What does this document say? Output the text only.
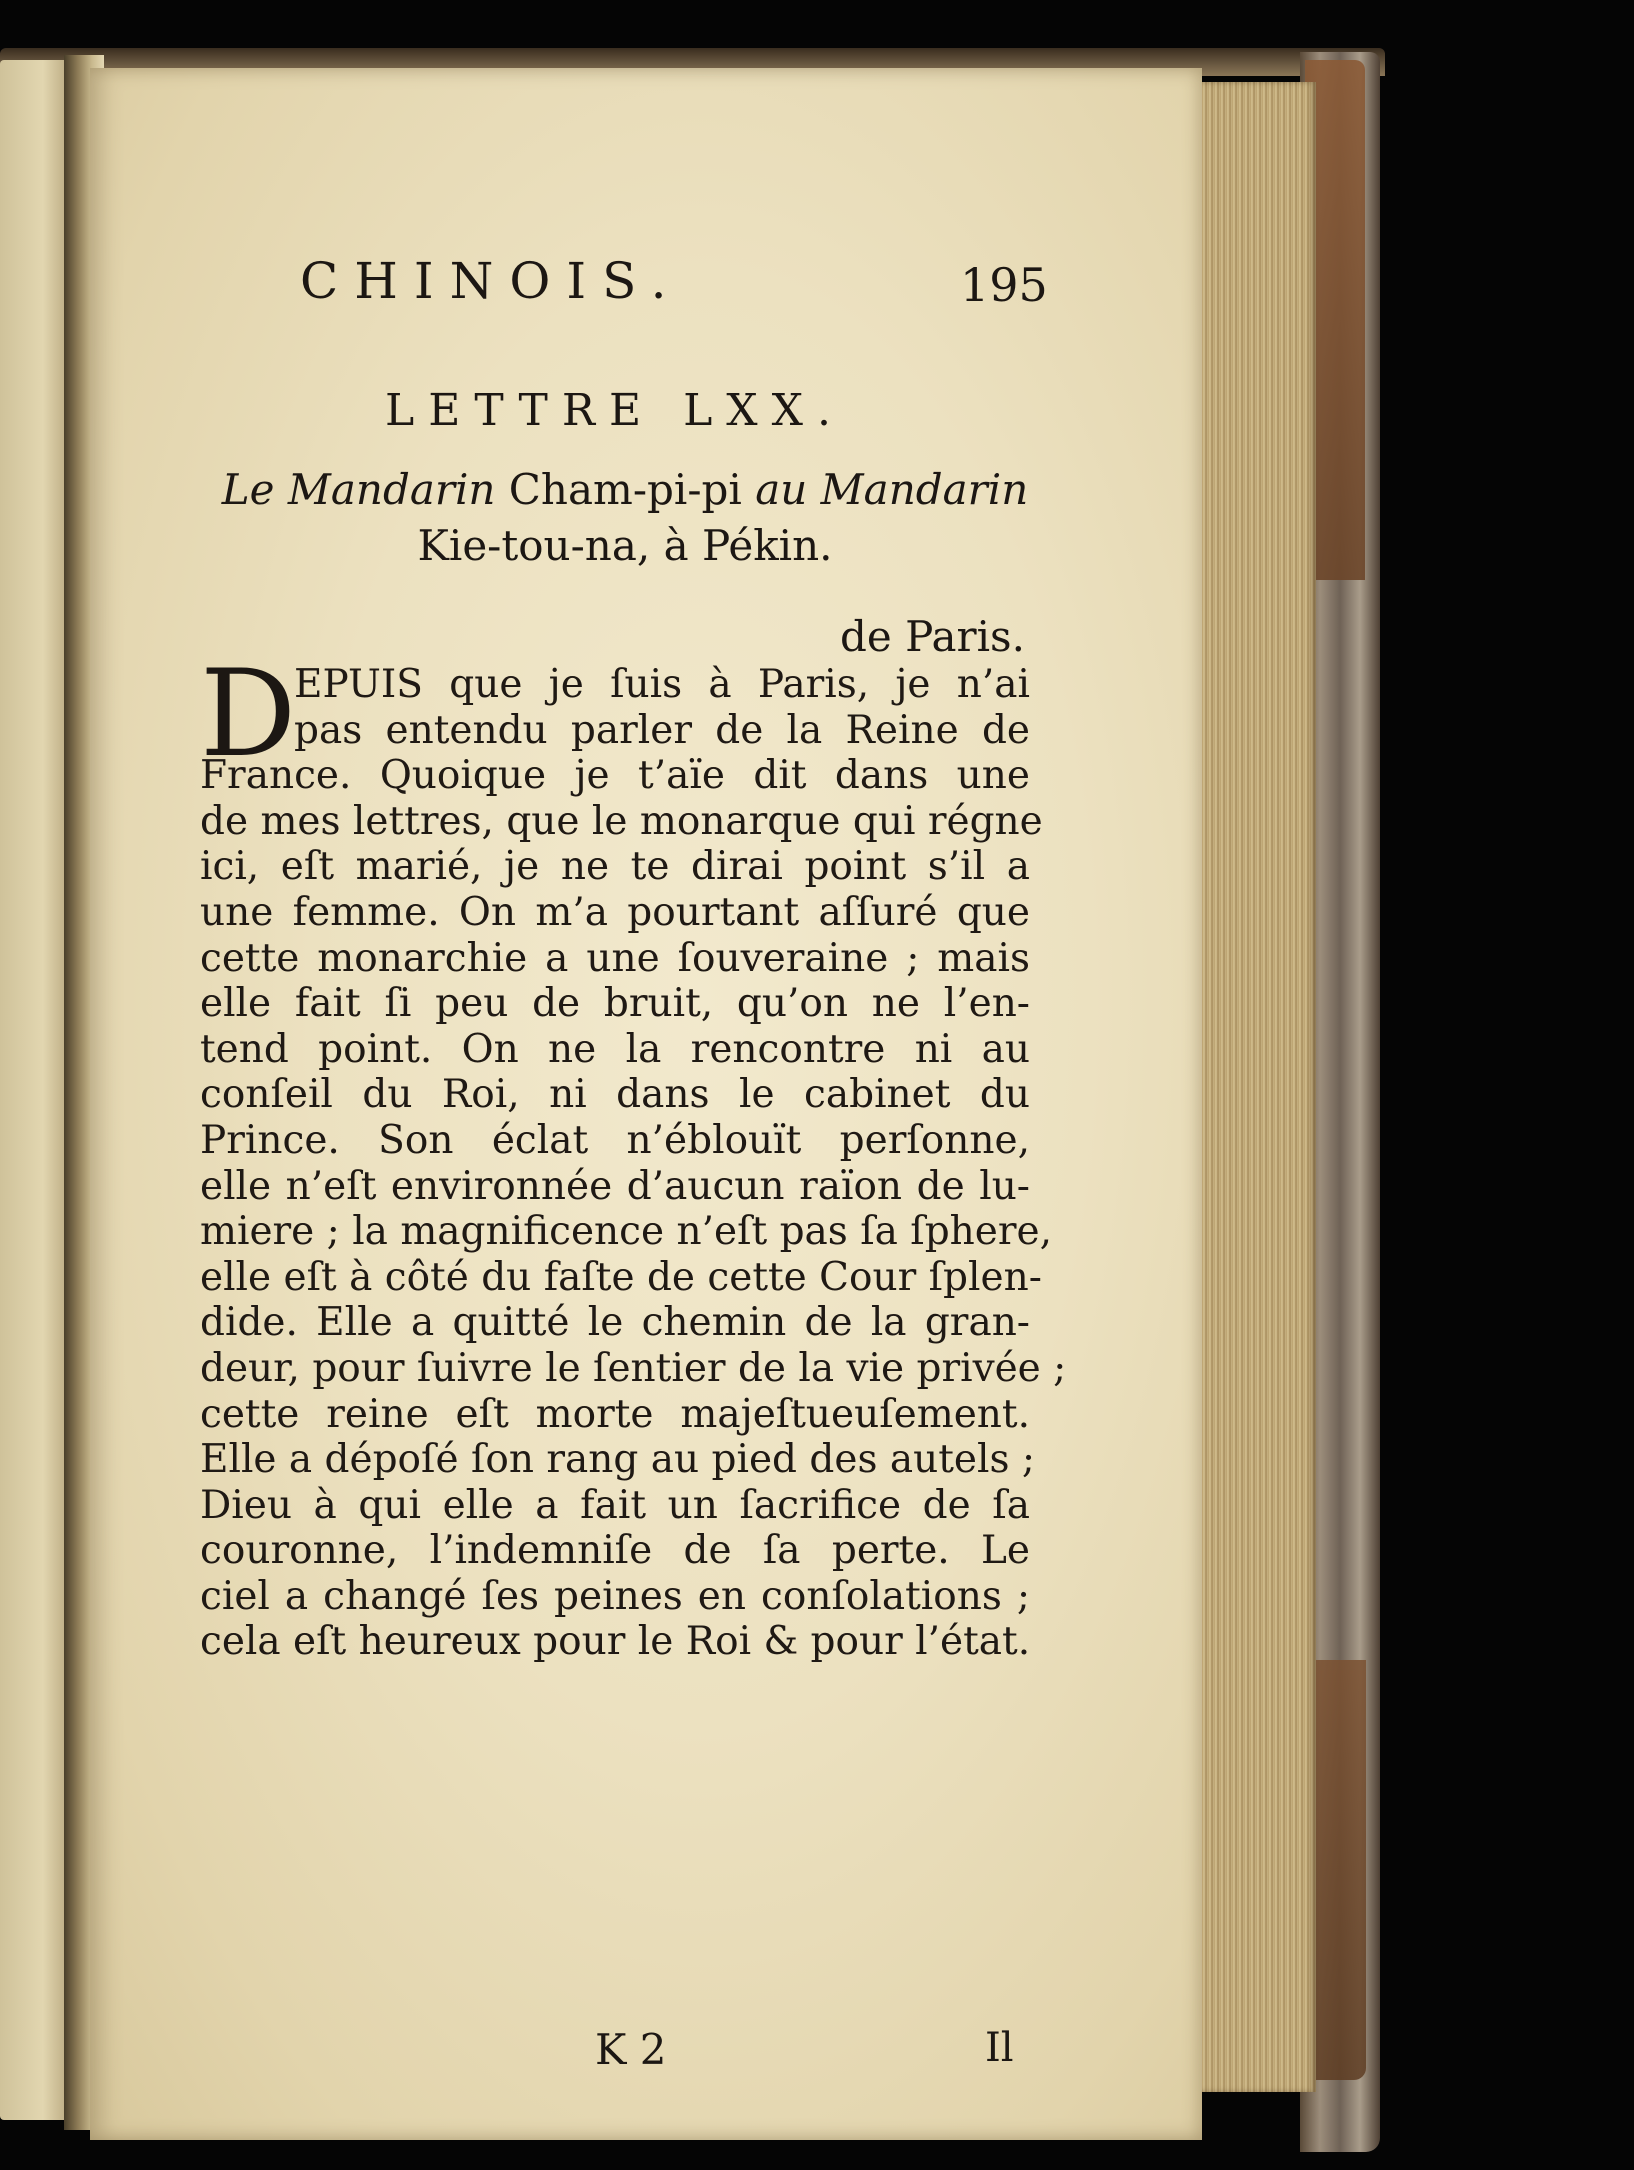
CHINOIS.	195
LETTRE LXX.
Le Mandarin Cham-pi-pi au Mandarin
Kie-tou-na, à Pékin.
de Paris.
D
EPUIS que je ſuis à Paris, je n’ai
pas entendu parler de la Reine de
France. Quoique je t’aïe dit dans une
de mes lettres, que le monarque qui régne
ici, eſt marié, je ne te dirai point s’il a
une femme. On m’a pourtant aſſuré que
cette monarchie a une ſouveraine ; mais
elle fait ſi peu de bruit, qu’on ne l’en-
tend point. On ne la rencontre ni au
conſeil du Roi, ni dans le cabinet du
Prince. Son éclat n’éblouït perſonne,
elle n’eſt environnée d’aucun raïon de lu-
miere ; la magnificence n’eſt pas ſa ſphere,
elle eſt à côté du faſte de cette Cour ſplen-
dide. Elle a quitté le chemin de la gran-
deur, pour ſuivre le ſentier de la vie privée ;
cette reine eſt morte majeſtueuſement.
Elle a dépoſé ſon rang au pied des autels ;
Dieu à qui elle a fait un ſacrifice de ſa
couronne, l’indemniſe de ſa perte. Le
ciel a changé ſes peines en conſolations ;
cela eſt heureux pour le Roi & pour l’état.
K 2	Il
